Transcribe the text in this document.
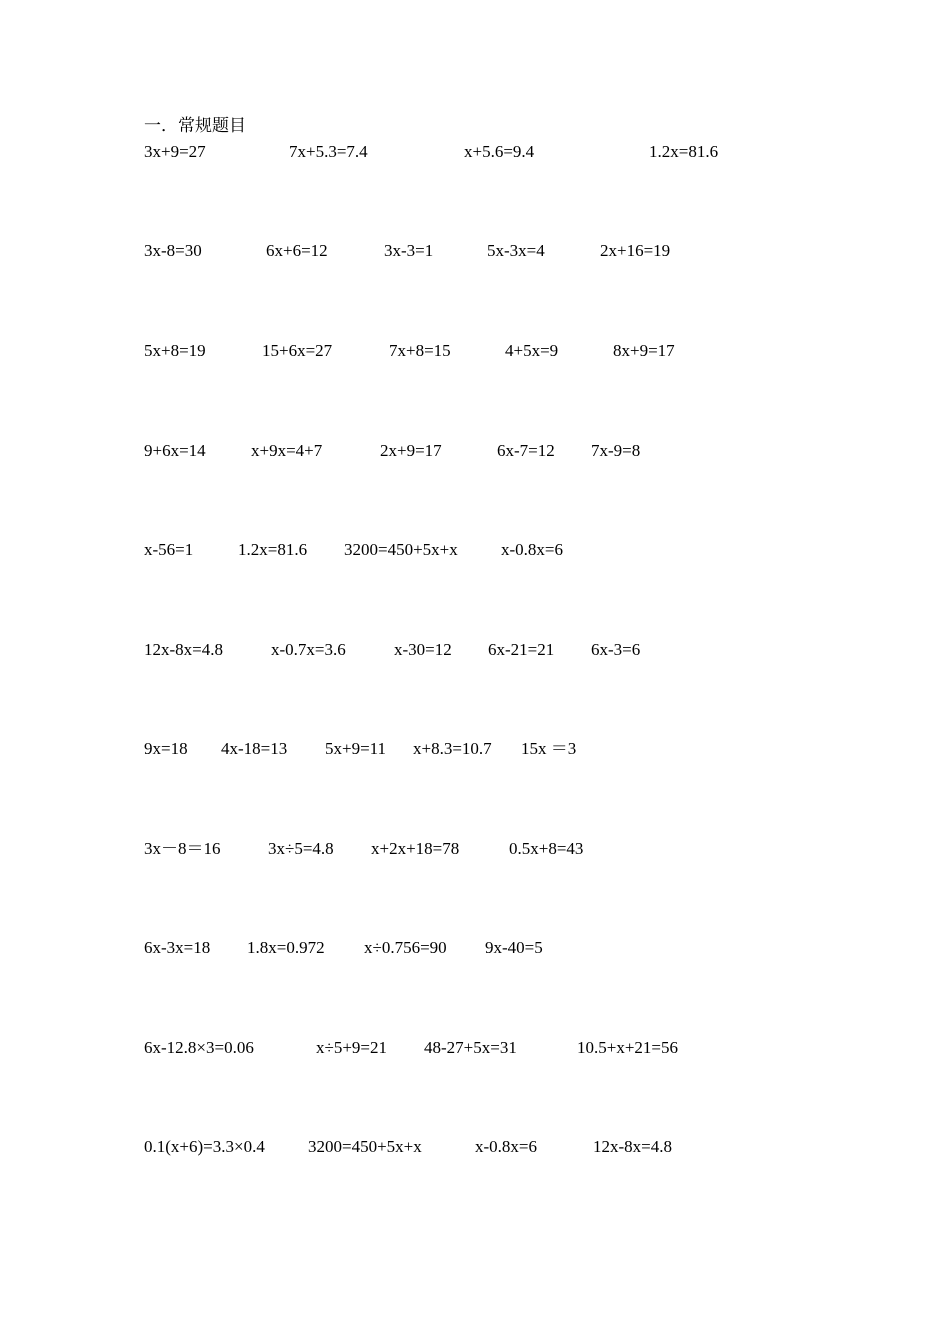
一．常规题目
3x+9=27	7x+5.3=7.4	x+5.6=9.4	1.2x=81.6
3x-8=30	6x+6=12	3x-3=1	5x-3x=4	2x+16=19
5x+8=19	15+6x=27	7x+8=15	4+5x=9	8x+9=17
9+6x=14	x+9x=4+7	2x+9=17	6x-7=12 7x-9=8
x-56=1	1.2x=81.6 3200=450+5x+x	x-0.8x=6
12x-8x=4.8	x-0.7x=3.6	x-30=12 6x-21=21 6x-3=6
9x=18 4x-18=13 5x+9=11 x+8.3=10.7 15x ＝3
3x－8＝16	3x÷5=4.8 x+2x+18=78	0.5x+8=43
6x-3x=18 1.8x=0.972 x÷0.756=90 9x-40=5
6x-12.8×3=0.06	x÷5+9=21 48-27+5x=31	10.5+x+21=56
0.1(x+6)=3.3×0.4	3200=450+5x+x	x-0.8x=6	12x-8x=4.8
